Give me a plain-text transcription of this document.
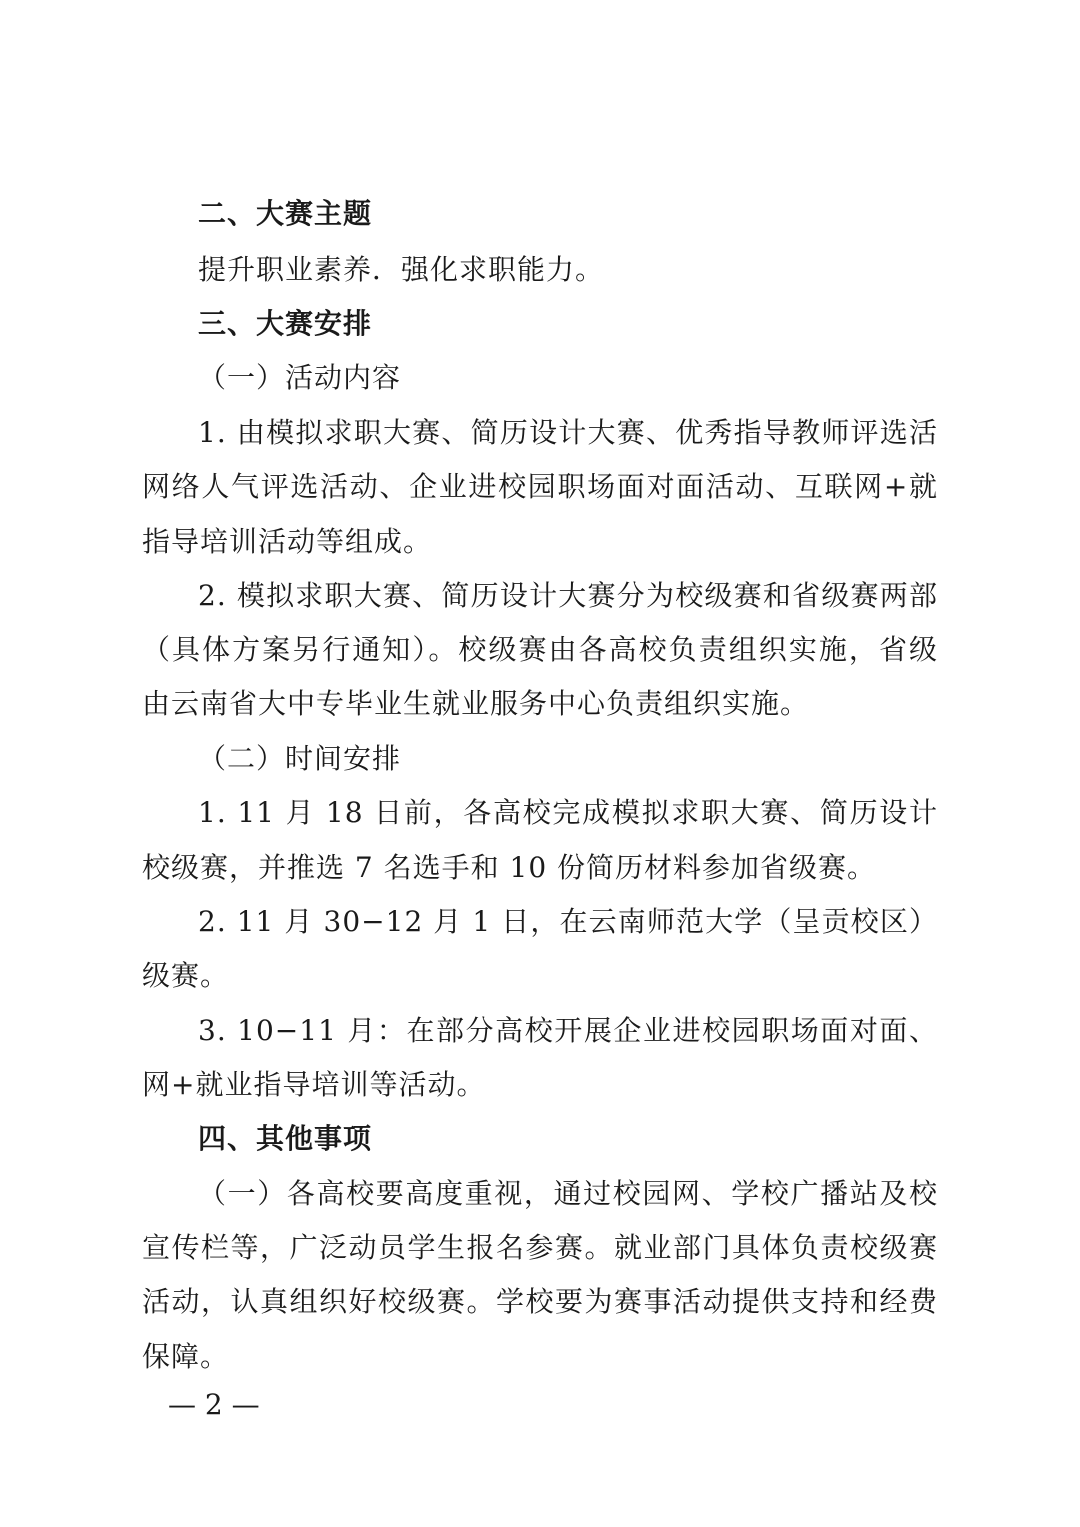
二、大赛主题
提升职业素养．强化求职能力。
三、大赛安排
（一）活动内容
1. 由模拟求职大赛、简历设计大赛、优秀指导教师评选活
网络人气评选活动、企业进校园职场面对面活动、互联网+就
指导培训活动等组成。
2. 模拟求职大赛、简历设计大赛分为校级赛和省级赛两部
（具体方案另行通知）。校级赛由各高校负责组织实施，省级
由云南省大中专毕业生就业服务中心负责组织实施。
（二）时间安排
1. 11 月 18 日前，各高校完成模拟求职大赛、简历设计
校级赛，并推选 7 名选手和 10 份简历材料参加省级赛。
2. 11 月 30−12 月 1 日，在云南师范大学（呈贡校区）
级赛。
3. 10−11 月：在部分高校开展企业进校园职场面对面、
网+就业指导培训等活动。
四、其他事项
（一）各高校要高度重视，通过校园网、学校广播站及校
宣传栏等，广泛动员学生报名参赛。就业部门具体负责校级赛
活动，认真组织好校级赛。学校要为赛事活动提供支持和经费
保障。
— 2 —
